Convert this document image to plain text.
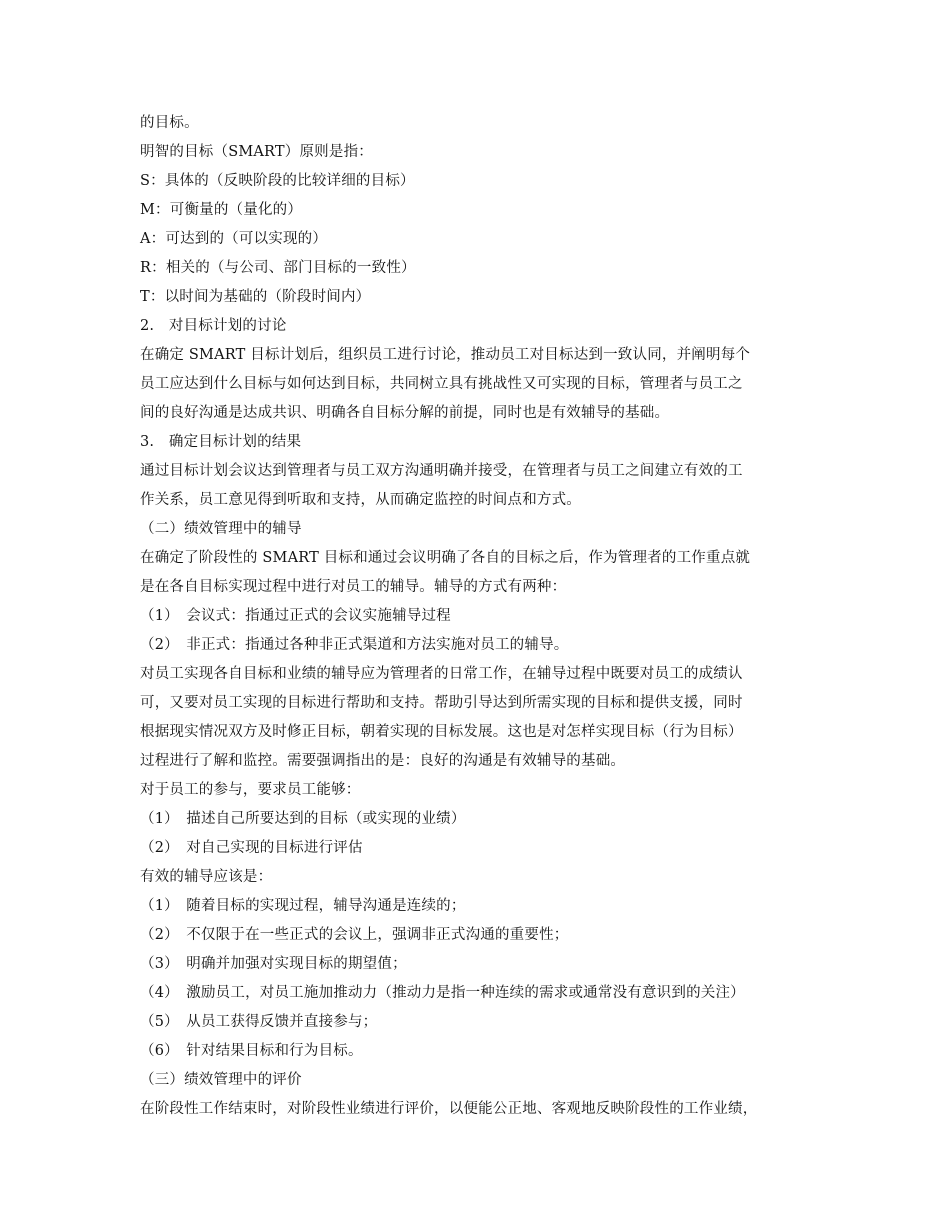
的目标。
明智的目标（SMART）原则是指：
S：具体的（反映阶段的比较详细的目标）
M：可衡量的（量化的）
A：可达到的（可以实现的）
R：相关的（与公司、部门目标的一致性）
T：以时间为基础的（阶段时间内）
2.　对目标计划的讨论
在确定 SMART 目标计划后，组织员工进行讨论，推动员工对目标达到一致认同，并阐明每个
员工应达到什么目标与如何达到目标，共同树立具有挑战性又可实现的目标，管理者与员工之
间的良好沟通是达成共识、明确各自目标分解的前提，同时也是有效辅导的基础。
3.　确定目标计划的结果
通过目标计划会议达到管理者与员工双方沟通明确并接受，在管理者与员工之间建立有效的工
作关系，员工意见得到听取和支持，从而确定监控的时间点和方式。
（二）绩效管理中的辅导
在确定了阶段性的 SMART 目标和通过会议明确了各自的目标之后，作为管理者的工作重点就
是在各自目标实现过程中进行对员工的辅导。辅导的方式有两种：
（1）　会议式：指通过正式的会议实施辅导过程
（2）　非正式：指通过各种非正式渠道和方法实施对员工的辅导。
对员工实现各自目标和业绩的辅导应为管理者的日常工作，在辅导过程中既要对员工的成绩认
可，又要对员工实现的目标进行帮助和支持。帮助引导达到所需实现的目标和提供支援，同时
根据现实情况双方及时修正目标，朝着实现的目标发展。这也是对怎样实现目标（行为目标）
过程进行了解和监控。需要强调指出的是：良好的沟通是有效辅导的基础。
对于员工的参与，要求员工能够：
（1）　描述自己所要达到的目标（或实现的业绩）
（2）　对自己实现的目标进行评估
有效的辅导应该是：
（1）　随着目标的实现过程，辅导沟通是连续的；
（2）　不仅限于在一些正式的会议上，强调非正式沟通的重要性；
（3）　明确并加强对实现目标的期望值；
（4）　激励员工，对员工施加推动力（推动力是指一种连续的需求或通常没有意识到的关注）
（5）　从员工获得反馈并直接参与；
（6）　针对结果目标和行为目标。
（三）绩效管理中的评价
在阶段性工作结束时，对阶段性业绩进行评价，以便能公正地、客观地反映阶段性的工作业绩，
